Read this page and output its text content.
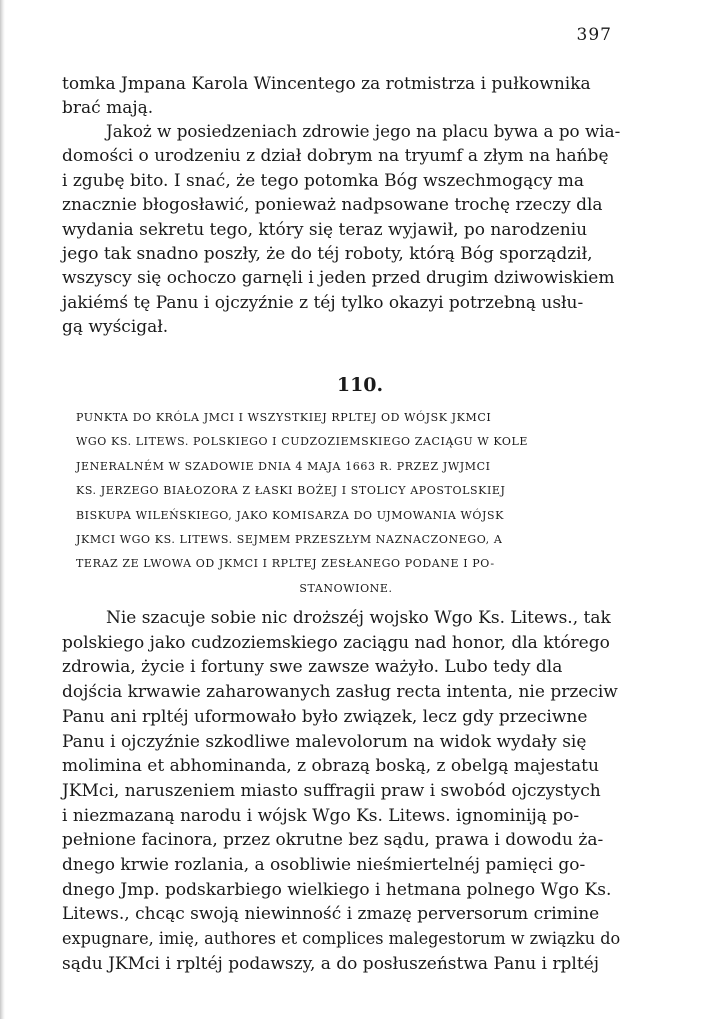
397
tomka Jmpana Karola Wincentego za rotmistrza i pułkownika
brać mają.
Jakoż w posiedzeniach zdrowie jego na placu bywa a po wia-
domości o urodzeniu z dział dobrym na tryumf a złym na hańbę
i zgubę bito. I snać, że tego potomka Bóg wszechmogący ma
znacznie błogosławić, ponieważ nadpsowane trochę rzeczy dla
wydania sekretu tego, który się teraz wyjawił, po narodzeniu
jego tak snadno poszły, że do téj roboty, którą Bóg sporządził,
wszyscy się ochoczo garnęli i jeden przed drugim dziwowiskiem
jakiémś tę Panu i ojczyźnie z téj tylko okazyi potrzebną usłu-
gą wyścigał.
110.
PUNKTA DO KRÓLA JMCI I WSZYSTKIEJ RPLTEJ OD WÓJSK JKMCI
WGO KS. LITEWS. POLSKIEGO I CUDZOZIEMSKIEGO ZACIĄGU W KOLE
JENERALNÉM W SZADOWIE DNIA 4 MAJA 1663 R. PRZEZ JWJMCI
KS. JERZEGO BIAŁOZORA Z ŁASKI BOŻEJ I STOLICY APOSTOLSKIEJ
BISKUPA WILEŃSKIEGO, JAKO KOMISARZA DO UJMOWANIA WÓJSK
JKMCI WGO KS. LITEWS. SEJMEM PRZESZŁYM NAZNACZONEGO, A
TERAZ ZE LWOWA OD JKMCI I RPLTEJ ZESŁANEGO PODANE I PO-
STANOWIONE.
Nie szacuje sobie nic droższéj wojsko Wgo Ks. Litews., tak
polskiego jako cudzoziemskiego zaciągu nad honor, dla którego
zdrowia, życie i fortuny swe zawsze ważyło. Lubo tedy dla
dojścia krwawie zaharowanych zasług recta intenta, nie przeciw
Panu ani rpltéj uformowało było związek, lecz gdy przeciwne
Panu i ojczyźnie szkodliwe malevolorum na widok wydały się
molimina et abhominanda, z obrazą boską, z obelgą majestatu
JKMci, naruszeniem miasto suffragii praw i swobód ojczystych
i niezmazaną narodu i wójsk Wgo Ks. Litews. ignominiją po-
pełnione facinora, przez okrutne bez sądu, prawa i dowodu ża-
dnego krwie rozlania, a osobliwie nieśmiertelnéj pamięci go-
dnego Jmp. podskarbiego wielkiego i hetmana polnego Wgo Ks.
Litews., chcąc swoją niewinność i zmazę perversorum crimine
expugnare, imię, authores et complices malegestorum w związku do
sądu JKMci i rpltéj podawszy, a do posłuszeństwa Panu i rpltéj
